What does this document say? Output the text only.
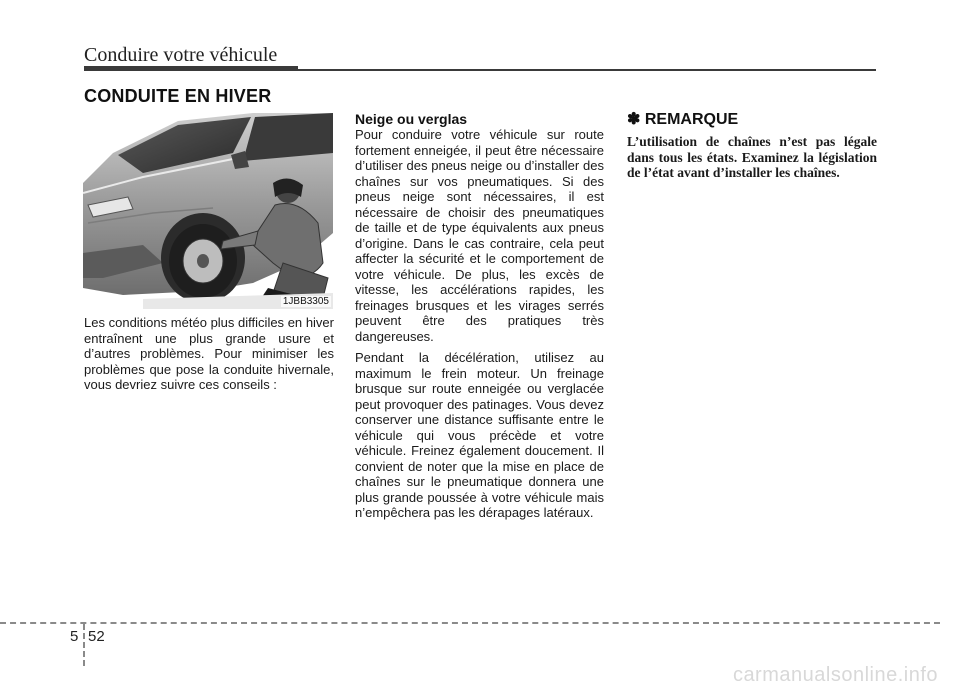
Conduire votre véhicule
CONDUITE EN HIVER
1JBB3305

Les conditions météo plus difficiles en hiver entraînent une plus grande usure et d’autres problèmes. Pour minimiser les problèmes que pose la conduite hivernale, vous devriez suivre ces conseils :

Neige ou verglas

Pour conduire votre véhicule sur route fortement enneigée, il peut être nécessaire d’utiliser des pneus neige ou d’installer des chaînes sur vos pneumatiques. Si des pneus neige sont nécessaires, il est nécessaire de choisir des pneumatiques de taille et de type équivalents aux pneus d’origine. Dans le cas contraire, cela peut affecter la sécurité et le comportement de votre véhicule. De plus, les excès de vitesse, les accélérations rapides, les freinages brusques et les virages serrés peuvent être des pratiques très dangereuses.

Pendant la décélération, utilisez au maximum le frein moteur. Un freinage brusque sur route enneigée ou verglacée peut provoquer des patinages. Vous devez conserver une distance suffisante entre le véhicule qui vous précède et votre véhicule. Freinez également doucement. Il convient de noter que la mise en place de chaînes sur le pneumatique donnera une plus grande poussée à votre véhicule mais n’empêchera pas les dérapages latéraux.

✽ REMARQUE

L’utilisation de chaînes n’est pas légale dans tous les états. Examinez la législation de l’état avant d’installer les chaînes.

5 52
carmanualsonline.info
